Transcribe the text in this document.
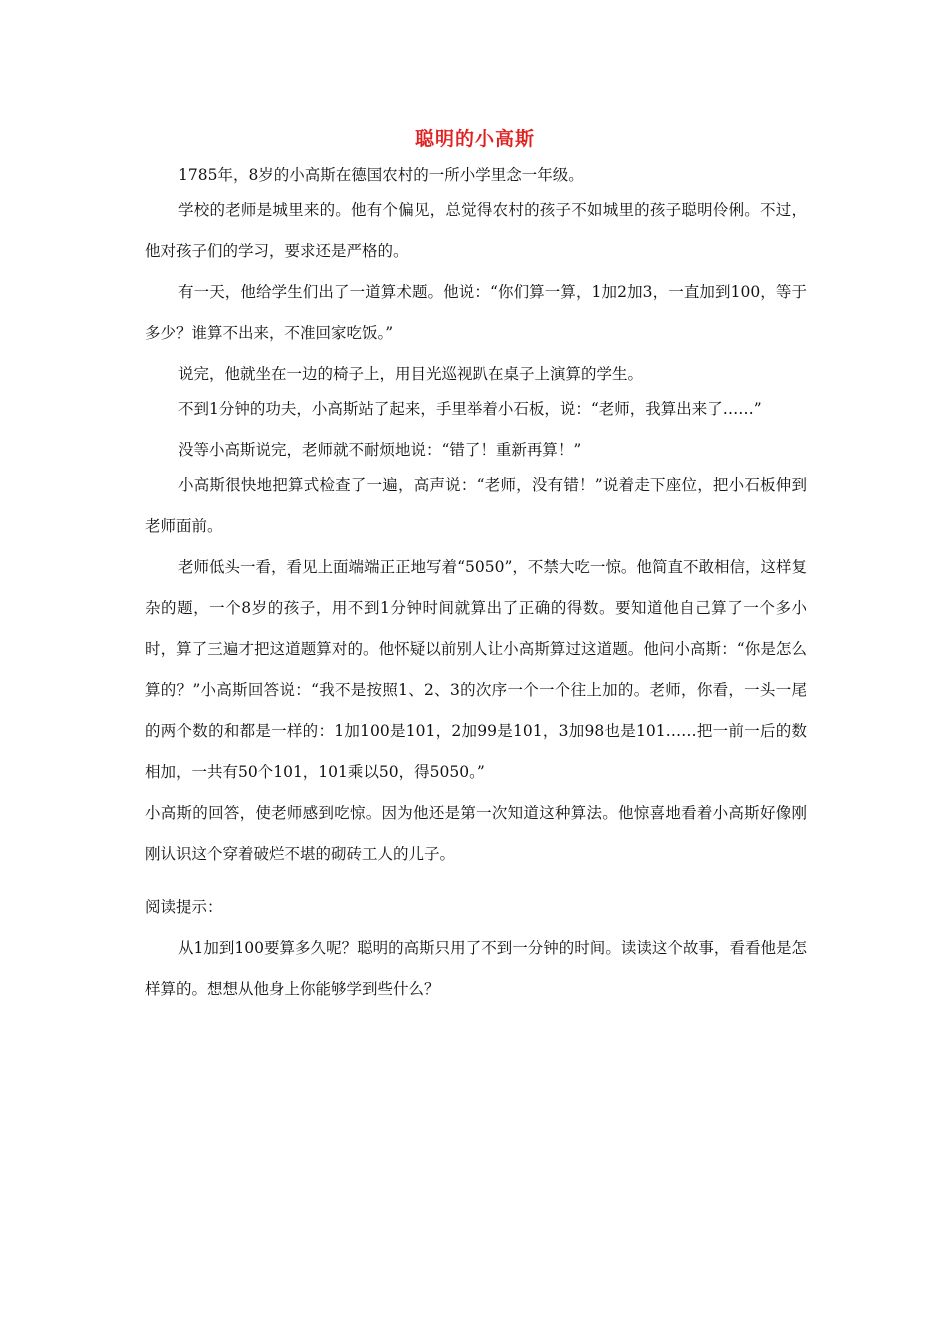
聪明的小高斯

1785年，8岁的小高斯在德国农村的一所小学里念一年级。

学校的老师是城里来的。他有个偏见，总觉得农村的孩子不如城里的孩子聪明伶俐。不过，他对孩子们的学习，要求还是严格的。

有一天，他给学生们出了一道算术题。他说：“你们算一算，1加2加3，一直加到100，等于多少？谁算不出来，不准回家吃饭。”

说完，他就坐在一边的椅子上，用目光巡视趴在桌子上演算的学生。

不到1分钟的功夫，小高斯站了起来，手里举着小石板，说：“老师，我算出来了……”

没等小高斯说完，老师就不耐烦地说：“错了！重新再算！”

小高斯很快地把算式检查了一遍，高声说：“老师，没有错！”说着走下座位，把小石板伸到老师面前。

老师低头一看，看见上面端端正正地写着“5050”，不禁大吃一惊。他简直不敢相信，这样复杂的题，一个8岁的孩子，用不到1分钟时间就算出了正确的得数。要知道他自己算了一个多小时，算了三遍才把这道题算对的。他怀疑以前别人让小高斯算过这道题。他问小高斯：“你是怎么算的？”小高斯回答说：“我不是按照1、2、3的次序一个一个往上加的。老师，你看，一头一尾的两个数的和都是一样的：1加100是101，2加99是101，3加98也是101……把一前一后的数相加，一共有50个101，101乘以50，得5050。”

小高斯的回答，使老师感到吃惊。因为他还是第一次知道这种算法。他惊喜地看着小高斯好像刚刚认识这个穿着破烂不堪的砌砖工人的儿子。

阅读提示：

从1加到100要算多久呢？聪明的高斯只用了不到一分钟的时间。读读这个故事，看看他是怎样算的。想想从他身上你能够学到些什么？
